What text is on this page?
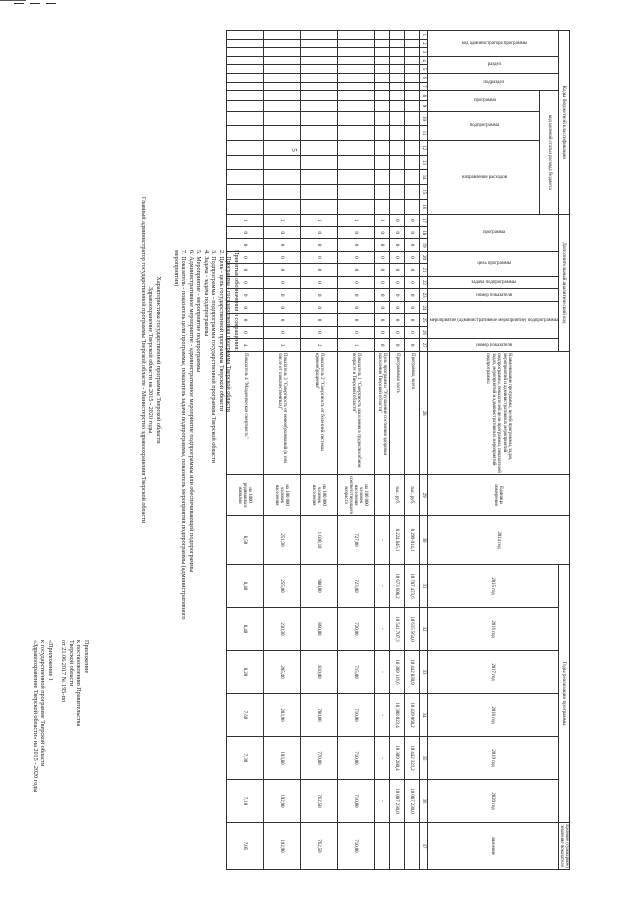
5
Приложение
к постановлению Правительства
Тверской области
от 21.06.2017 № 195-пп
«Приложение 1
к государственной программе Тверской области
«Здравоохранение Тверской области» на 2015 - 2020 годы
Характеристика государственной программы Тверской области
Здравоохранение Тверской области на 2015 - 2020 годы
Главный администратор государственной программы Тверской области - Министерство здравоохранения Тверской области	Принятые обозначения и сокращения:
1. Программа - государственная программа Тверской области
2. Цель - цель государственной программы Тверской области
3. Подпрограмма - подпрограмма государственной программы Тверской области
4. Задача - задача подпрограммы
5. Мероприятие - мероприятие подпрограммы
6. Административное мероприятие - административное мероприятие подпрограммы или обеспечивающей подпрограммы
7. Показатель - показатель цели программы, показатель задачи подпрограммы, показатель мероприятия подпрограммы (административного мероприятия)
Коды бюджетной классификации																Дополнительный аналитический код											Наименование программы, целей программы, задач, мероприятий и административных мероприятий подпрограммы, показателей цели программы, показателей задач, мероприятий и административных мероприятий подпрограммы	Единица измерения	2014 год	Годы реализации программы						Целевое (суммарное) значение показателя
код администратора программы			раздел		подраздел		код целевой статьи расхода бюджета									программа			цель программы		задача подпрограммы	номер показателя	мероприятие (административное мероприятие) подпрограммы			номер показателя				2015 год	2016 год	2017 год	2018 год	2019 год	2020 год	значение
							программа		подпрограмма		направление расходов																									
1	2	3	4	5	6	7	8	9	10	11	12	13	14	15	16	17	18	19	20	21	22	23	24	25	26	27	28	29	30	31	32	33	34	35	36	37
																0	0	0	0	0	0	0	0	0	0	0	Программа, всего	тыс. руб.	8 299 014,1	10 787 473,6	10 615 564,0	10 442 830,9	10 439 068,2	10 442 323,2	10 087 230,0	
																0	0	0	0	0	0	0	0	0	0	0	Программная часть	тыс. руб.	8 224 845,1	10 673 608,2	10 541 707,3	10 389 116,6	10 308 023,4	10 309 280,4	10 087 230,0	
																1	0	0	0	0	0	0	0	0	0	0	Цель программы "Улучшение состояния здоровья населения Тверской области"		-	-	-	-	-	-	-	
																1	0	0	0	0	0	0	0	0	0	1	Показатель 1 "Смертность населения в трудоспособном возрасте в Тверской области"	на 100 000 человек населения соответствующего возраста	727,00	723,00	720,00	715,00	710,00	710,00	710,00	710,00
																1	0	0	0	0	0	0	0	0	0	2	Показатель 2 "Смертность от болезней системы кровообращения"	на 100 000 человек населения	1 030,10	980,00	860,00	810,00	780,00	770,00	762,50	762,50
																1	0	0	0	0	0	0	0	0	0	3	Показатель 3 "Смертность от новообразований (в том числе от злокачественных)"	на 100 000 человек населения	251,30	255,00	230,30	205,40	203,90	193,80	192,90	192,90
																1	0	0	0	0	0	0	0	0	0	4	Показатель 4 "Младенческая смертность"	на 1000 родившихся живыми	8,50	8,40	8,40	8,20	7,60	7,30	7,10	7,05
